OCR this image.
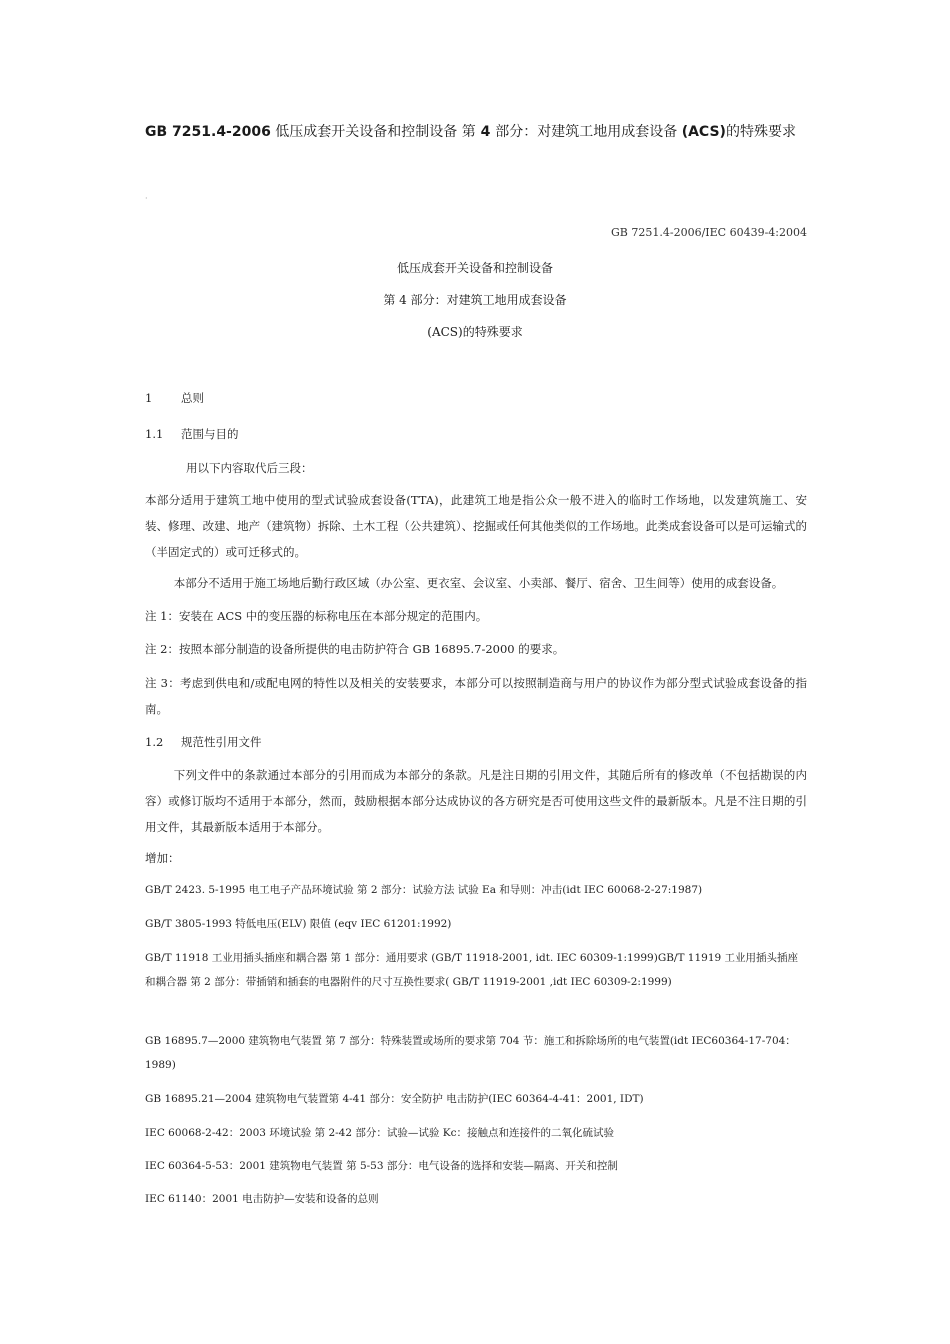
GB 7251.4-2006 低压成套开关设备和控制设备 第 4 部分：对建筑工地用成套设备 (ACS)的特殊要求
·
GB 7251.4-2006/IEC 60439-4:2004
低压成套开关设备和控制设备
第 4 部分：对建筑工地用成套设备
(ACS)的特殊要求
1 总则
1.1 范围与目的
用以下内容取代后三段：
本部分适用于建筑工地中使用的型式试验成套设备(TTA)，此建筑工地是指公众一般不进入的临时工作场地，以发建筑施工、安装、修理、改建、地产（建筑物）拆除、土木工程（公共建筑）、挖掘或任何其他类似的工作场地。此类成套设备可以是可运输式的（半固定式的）或可迁移式的。
本部分不适用于施工场地后勤行政区域（办公室、更衣室、会议室、小卖部、餐厅、宿舍、卫生间等）使用的成套设备。
注 1：安装在 ACS 中的变压器的标称电压在本部分规定的范围内。
注 2：按照本部分制造的设备所提供的电击防护符合 GB 16895.7-2000 的要求。
注 3：考虑到供电和/或配电网的特性以及相关的安装要求，本部分可以按照制造商与用户的协议作为部分型式试验成套设备的指南。
1.2 规范性引用文件
下列文件中的条款通过本部分的引用而成为本部分的条款。凡是注日期的引用文件，其随后所有的修改单（不包括勘误的内容）或修订版均不适用于本部分，然而，鼓励根据本部分达成协议的各方研究是否可使用这些文件的最新版本。凡是不注日期的引用文件，其最新版本适用于本部分。
增加：
GB/T 2423. 5-1995 电工电子产品环境试验 第 2 部分：试验方法 试验 Ea 和导则：冲击(idt IEC 60068-2-27:1987)
GB/T 3805-1993 特低电压(ELV) 限值 (eqv IEC 61201:1992)
GB/T 11918 工业用插头插座和耦合器 第 1 部分：通用要求 (GB/T 11918-2001, idt. IEC 60309-1:1999)GB/T 11919 工业用插头插座和耦合器 第 2 部分：带插销和插套的电器附件的尺寸互换性要求( GB/T 11919-2001 ,idt IEC 60309-2:1999)
GB 16895.7—2000 建筑物电气装置 第 7 部分：特殊装置或场所的要求第 704 节：施工和拆除场所的电气装置(idt IEC60364-17-704：1989)
GB 16895.21—2004 建筑物电气装置第 4-41 部分：安全防护 电击防护(IEC 60364-4-41：2001, IDT)
IEC 60068-2-42：2003 环境试验 第 2-42 部分：试验—试验 Kc：接触点和连接件的二氧化硫试验
IEC 60364-5-53：2001 建筑物电气装置 第 5-53 部分：电气设备的选择和安装—隔离、开关和控制
IEC 61140：2001 电击防护—安装和设备的总则
